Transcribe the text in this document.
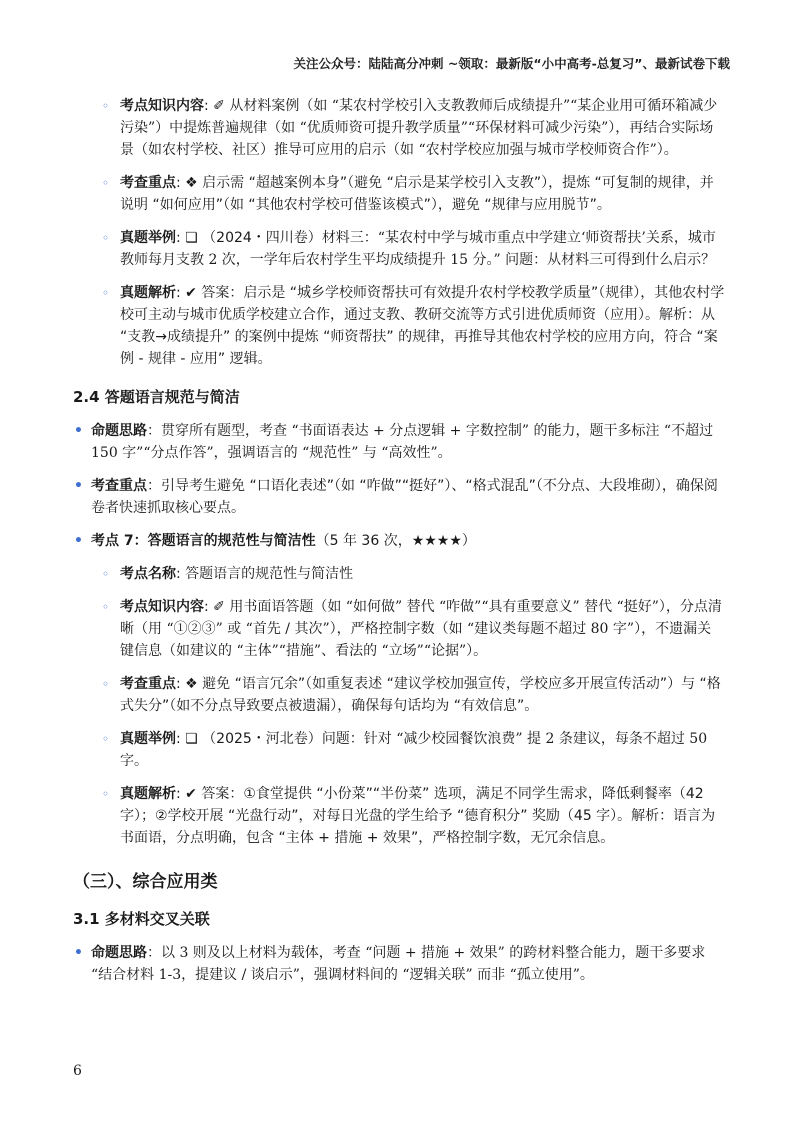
关注公众号：陆陆高分冲刺 ~领取：最新版“小中高考-总复习”、最新试卷下载
◦ 考点知识内容: ✐ 从材料案例（如 “某农村学校引入支教教师后成绩提升”“某企业用可循环箱减少污染”）中提炼普遍规律（如 “优质师资可提升教学质量”“环保材料可减少污染”），再结合实际场景（如农村学校、社区）推导可应用的启示（如 “农村学校应加强与城市学校师资合作”）。
◦ 考查重点: ❖ 启示需 “超越案例本身”（避免 “启示是某学校引入支教”），提炼 “可复制的规律，并说明 “如何应用”（如 “其他农村学校可借鉴该模式”），避免 “规律与应用脱节”。
◦ 真题举例: ❏ （2024・四川卷）材料三：“某农村中学与城市重点中学建立‘师资帮扶’关系，城市教师每月支教 2 次，一学年后农村学生平均成绩提升 15 分。” 问题：从材料三可得到什么启示？
◦ 真题解析: ✔ 答案：启示是 “城乡学校师资帮扶可有效提升农村学校教学质量”（规律），其他农村学校可主动与城市优质学校建立合作，通过支教、教研交流等方式引进优质师资（应用）。解析：从 “支教→成绩提升” 的案例中提炼 “师资帮扶” 的规律，再推导其他农村学校的应用方向，符合 “案例 - 规律 - 应用” 逻辑。
2.4 答题语言规范与简洁
• 命题思路：贯穿所有题型，考查 “书面语表达 + 分点逻辑 + 字数控制” 的能力，题干多标注 “不超过 150 字”“分点作答”，强调语言的 “规范性” 与 “高效性”。
• 考查重点：引导考生避免 “口语化表述”（如 “咋做”“挺好”）、“格式混乱”（不分点、大段堆砌），确保阅卷者快速抓取核心要点。
• 考点 7：答题语言的规范性与简洁性（5 年 36 次，★★★★）
◦ 考点名称: 答题语言的规范性与简洁性
◦ 考点知识内容: ✐ 用书面语答题（如 “如何做” 替代 “咋做”“具有重要意义” 替代 “挺好”），分点清晰（用 “①②③” 或 “首先 / 其次”），严格控制字数（如 “建议类每题不超过 80 字”），不遗漏关键信息（如建议的 “主体”“措施”、看法的 “立场”“论据”）。
◦ 考查重点: ❖ 避免 “语言冗余”（如重复表述 “建议学校加强宣传，学校应多开展宣传活动”）与 “格式失分”（如不分点导致要点被遗漏），确保每句话均为 “有效信息”。
◦ 真题举例: ❏ （2025・河北卷）问题：针对 “减少校园餐饮浪费” 提 2 条建议，每条不超过 50 字。
◦ 真题解析: ✔ 答案：①食堂提供 “小份菜”“半份菜” 选项，满足不同学生需求，降低剩餐率（42 字）；②学校开展 “光盘行动”，对每日光盘的学生给予 “德育积分” 奖励（45 字）。解析：语言为书面语，分点明确，包含 “主体 + 措施 + 效果”，严格控制字数，无冗余信息。
（三）、综合应用类
3.1 多材料交叉关联
• 命题思路：以 3 则及以上材料为载体，考查 “问题 + 措施 + 效果” 的跨材料整合能力，题干多要求 “结合材料 1-3，提建议 / 谈启示”，强调材料间的 “逻辑关联” 而非 “孤立使用”。
6
